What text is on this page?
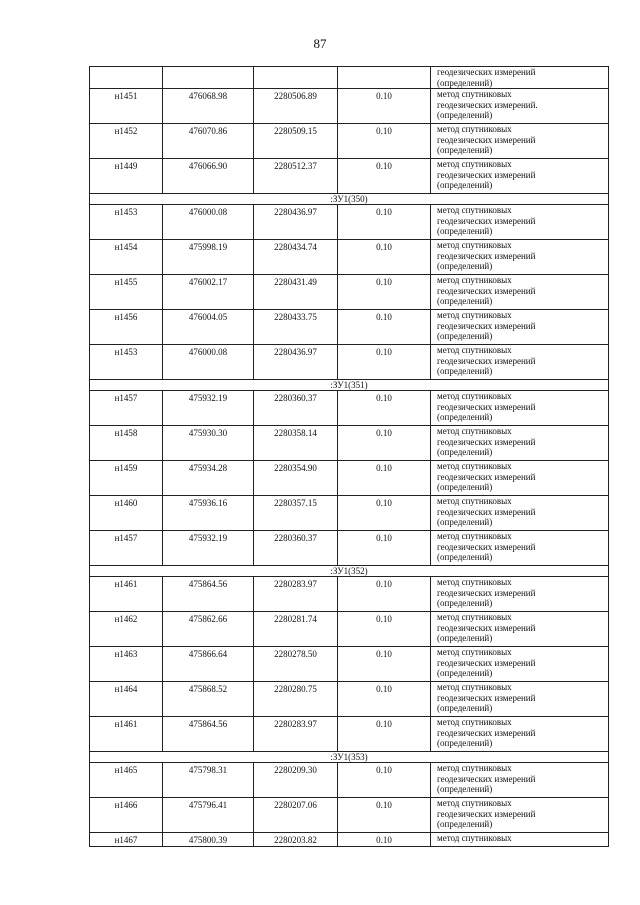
87

				геодезических измерений
(определений)

н1451	476068.98	2280506.89	0.10	метод спутниковых
геодезических измерений.
(определений)

н1452	476070.86	2280509.15	0.10	метод спутниковых
геодезических измерений
(определений)

н1449	476066.90	2280512.37	0.10	метод спутниковых
геодезических измерений
(определений)

:ЗУ1(350)				
н1453	476000.08	2280436.97	0.10	метод спутниковых
геодезических измерений
(определений)

н1454	475998.19	2280434.74	0.10	метод спутниковых
геодезических измерений
(определений)

н1455	476002.17	2280431.49	0.10	метод спутниковых
геодезических измерений
(определений)

н1456	476004.05	2280433.75	0.10	метод спутниковых
геодезических измерений
(определений)

н1453	476000.08	2280436.97	0.10	метод спутниковых
геодезических измерений
(определений)

:ЗУ1(351)				
н1457	475932.19	2280360.37	0.10	метод спутниковых
геодезических измерений
(определений)

н1458	475930.30	2280358.14	0.10	метод спутниковых
геодезических измерений
(определений)

н1459	475934.28	2280354.90	0.10	метод спутниковых
геодезических измерений
(определений)

н1460	475936.16	2280357.15	0.10	метод спутниковых
геодезических измерений
(определений)

н1457	475932.19	2280360.37	0.10	метод спутниковых
геодезических измерений
(определений)

:ЗУ1(352)				
н1461	475864.56	2280283.97	0.10	метод спутниковых
геодезических измерений
(определений)

н1462	475862.66	2280281.74	0.10	метод спутниковых
геодезических измерений
(определений)

н1463	475866.64	2280278.50	0.10	метод спутниковых
геодезических измерений
(определений)

н1464	475868.52	2280280.75	0.10	метод спутниковых
геодезических измерений
(определений)

н1461	475864.56	2280283.97	0.10	метод спутниковых
геодезических измерений
(определений)

:ЗУ1(353)				
н1465	475798.31	2280209.30	0.10	метод спутниковых
геодезических измерений
(определений)

н1466	475796.41	2280207.06	0.10	метод спутниковых
геодезических измерений
(определений)

н1467	475800.39	2280203.82	0.10	метод спутниковых
